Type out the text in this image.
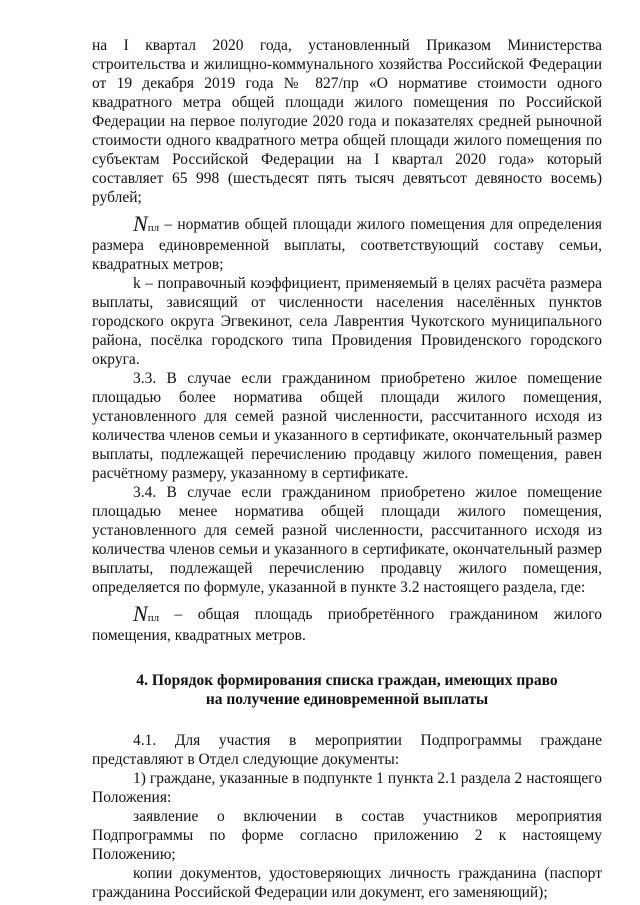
на I квартал 2020 года, установленный Приказом Министерства строительства и жилищно-коммунального хозяйства Российской Федерации от 19 декабря 2019 года № 827/пр «О нормативе стоимости одного квадратного метра общей площади жилого помещения по Российской Федерации на первое полугодие 2020 года и показателях средней рыночной стоимости одного квадратного метра общей площади жилого помещения по субъектам Российской Федерации на I квартал 2020 года» который составляет 65 998 (шестьдесят пять тысяч девятьсот девяносто восемь) рублей;

Nпл – норматив общей площади жилого помещения для определения размера единовременной выплаты, соответствующий составу семьи, квадратных метров;

k – поправочный коэффициент, применяемый в целях расчёта размера выплаты, зависящий от численности населения населённых пунктов городского округа Эгвекинот, села Лаврентия Чукотского муниципального района, посёлка городского типа Провидения Провиденского городского округа.

3.3. В случае если гражданином приобретено жилое помещение площадью более норматива общей площади жилого помещения, установленного для семей разной численности, рассчитанного исходя из количества членов семьи и указанного в сертификате, окончательный размер выплаты, подлежащей перечислению продавцу жилого помещения, равен расчётному размеру, указанному в сертификате.

3.4. В случае если гражданином приобретено жилое помещение площадью менее норматива общей площади жилого помещения, установленного для семей разной численности, рассчитанного исходя из количества членов семьи и указанного в сертификате, окончательный размер выплаты, подлежащей перечислению продавцу жилого помещения, определяется по формуле, указанной в пункте 3.2 настоящего раздела, где:

Nпл – общая площадь приобретённого гражданином жилого помещения, квадратных метров.

4. Порядок формирования списка граждан, имеющих право

на получение единовременной выплаты

4.1. Для участия в мероприятии Подпрограммы граждане представляют в Отдел следующие документы:

1) граждане, указанные в подпункте 1 пункта 2.1 раздела 2 настоящего Положения:

заявление о включении в состав участников мероприятия Подпрограммы по форме согласно приложению 2 к настоящему Положению;

копии документов, удостоверяющих личность гражданина (паспорт гражданина Российской Федерации или документ, его заменяющий);
